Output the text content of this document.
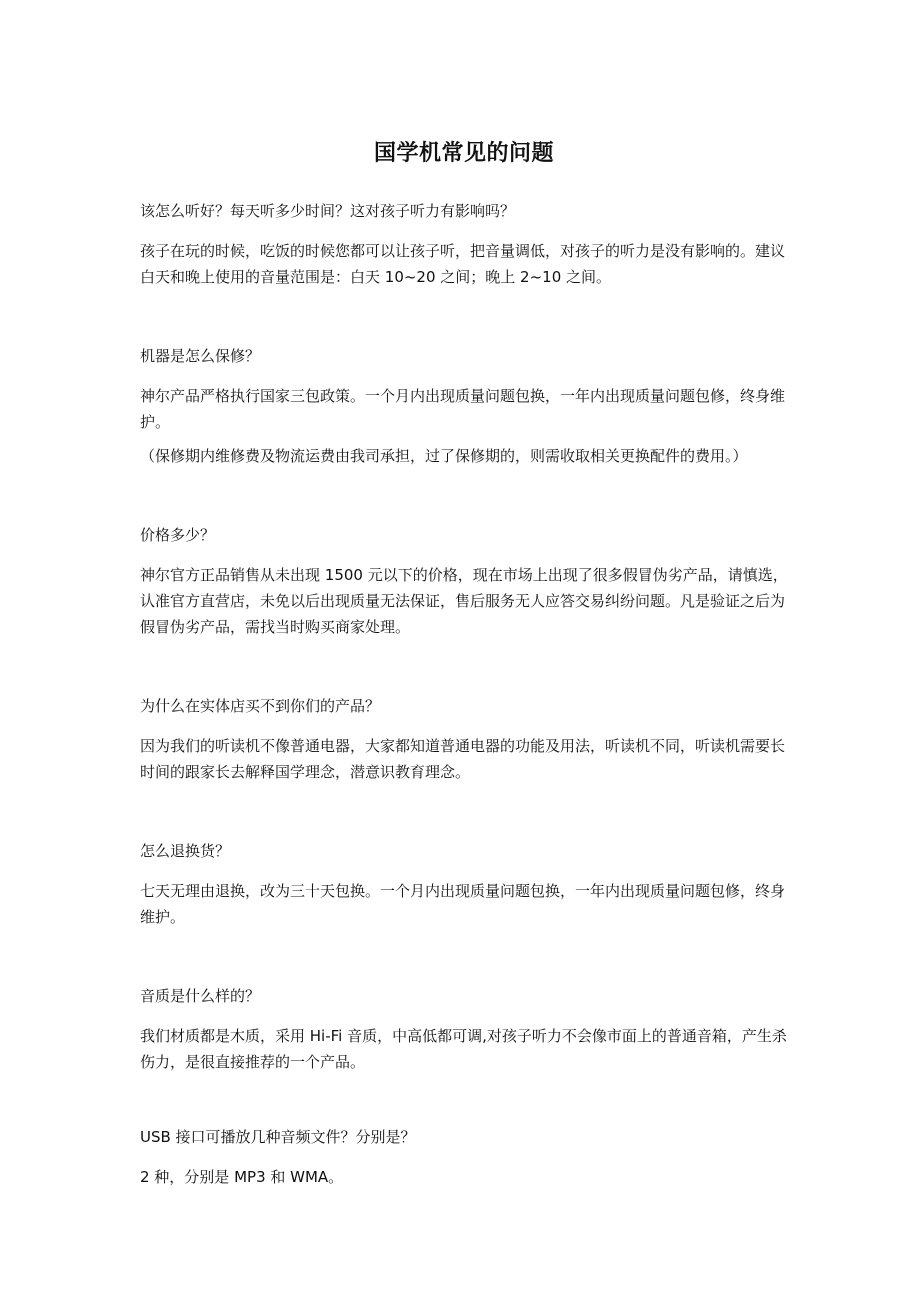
国学机常见的问题

该怎么听好？每天听多少时间？这对孩子听力有影响吗？

孩子在玩的时候，吃饭的时候您都可以让孩子听，把音量调低，对孩子的听力是没有影响的。建议白天和晚上使用的音量范围是：白天 10~20 之间；晚上 2~10 之间。

机器是怎么保修？

神尔产品严格执行国家三包政策。一个月内出现质量问题包换，一年内出现质量问题包修，终身维护。

（保修期内维修费及物流运费由我司承担，过了保修期的，则需收取相关更换配件的费用。）

价格多少？

神尔官方正品销售从未出现 1500 元以下的价格，现在市场上出现了很多假冒伪劣产品，请慎选，认准官方直营店，未免以后出现质量无法保证，售后服务无人应答交易纠纷问题。凡是验证之后为假冒伪劣产品，需找当时购买商家处理。

为什么在实体店买不到你们的产品？

因为我们的听读机不像普通电器，大家都知道普通电器的功能及用法，听读机不同，听读机需要长时间的跟家长去解释国学理念，潜意识教育理念。

怎么退换货？

七天无理由退换，改为三十天包换。一个月内出现质量问题包换，一年内出现质量问题包修，终身维护。

音质是什么样的？

我们材质都是木质，采用 Hi-Fi 音质，中高低都可调,对孩子听力不会像市面上的普通音箱，产生杀伤力，是很直接推荐的一个产品。

USB 接口可播放几种音频文件？分别是？

2 种，分别是 MP3 和 WMA。
